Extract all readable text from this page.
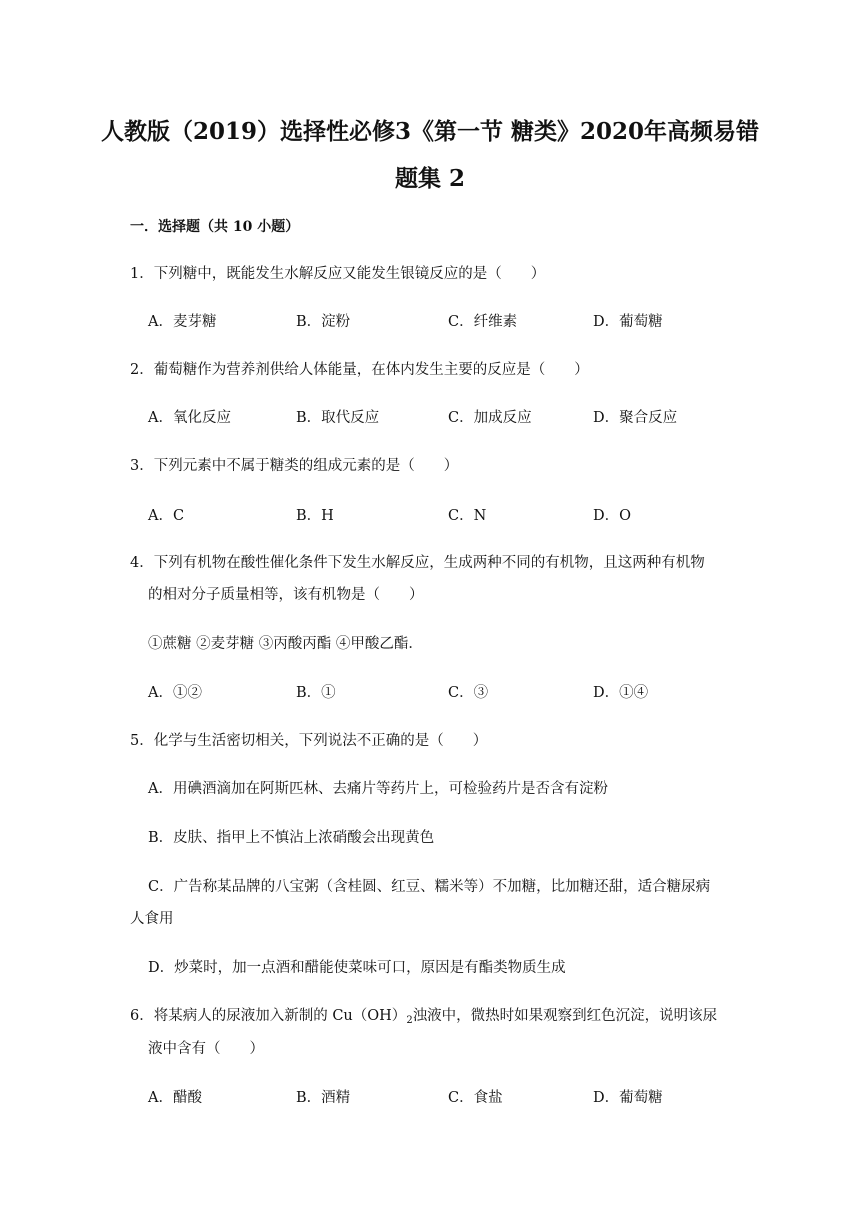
人教版（2019）选择性必修3《第一节 糖类》2020年高频易错
题集 2

一．选择题（共 10 小题）

1．下列糖中，既能发生水解反应又能发生银镜反应的是（　　）

A．麦芽糖	B．淀粉	C．纤维素	D．葡萄糖

2．葡萄糖作为营养剂供给人体能量，在体内发生主要的反应是（　　）

A．氧化反应	B．取代反应	C．加成反应	D．聚合反应

3．下列元素中不属于糖类的组成元素的是（　　）

A．C	B．H	C．N	D．O

4．下列有机物在酸性催化条件下发生水解反应，生成两种不同的有机物，且这两种有机物

的相对分子质量相等，该有机物是（　　）

①蔗糖 ②麦芽糖 ③丙酸丙酯 ④甲酸乙酯．

A．①②	B．①	C．③	D．①④

5．化学与生活密切相关，下列说法不正确的是（　　）

A．用碘酒滴加在阿斯匹林、去痛片等药片上，可检验药片是否含有淀粉

B．皮肤、指甲上不慎沾上浓硝酸会出现黄色

C．广告称某品牌的八宝粥（含桂圆、红豆、糯米等）不加糖，比加糖还甜，适合糖尿病

人食用

D．炒菜时，加一点酒和醋能使菜味可口，原因是有酯类物质生成

6．将某病人的尿液加入新制的 $Cu(OH)_2$浊液中，微热时如果观察到红色沉淀，说明该尿

液中含有（　　）

A．醋酸	B．酒精	C．食盐	D．葡萄糖
